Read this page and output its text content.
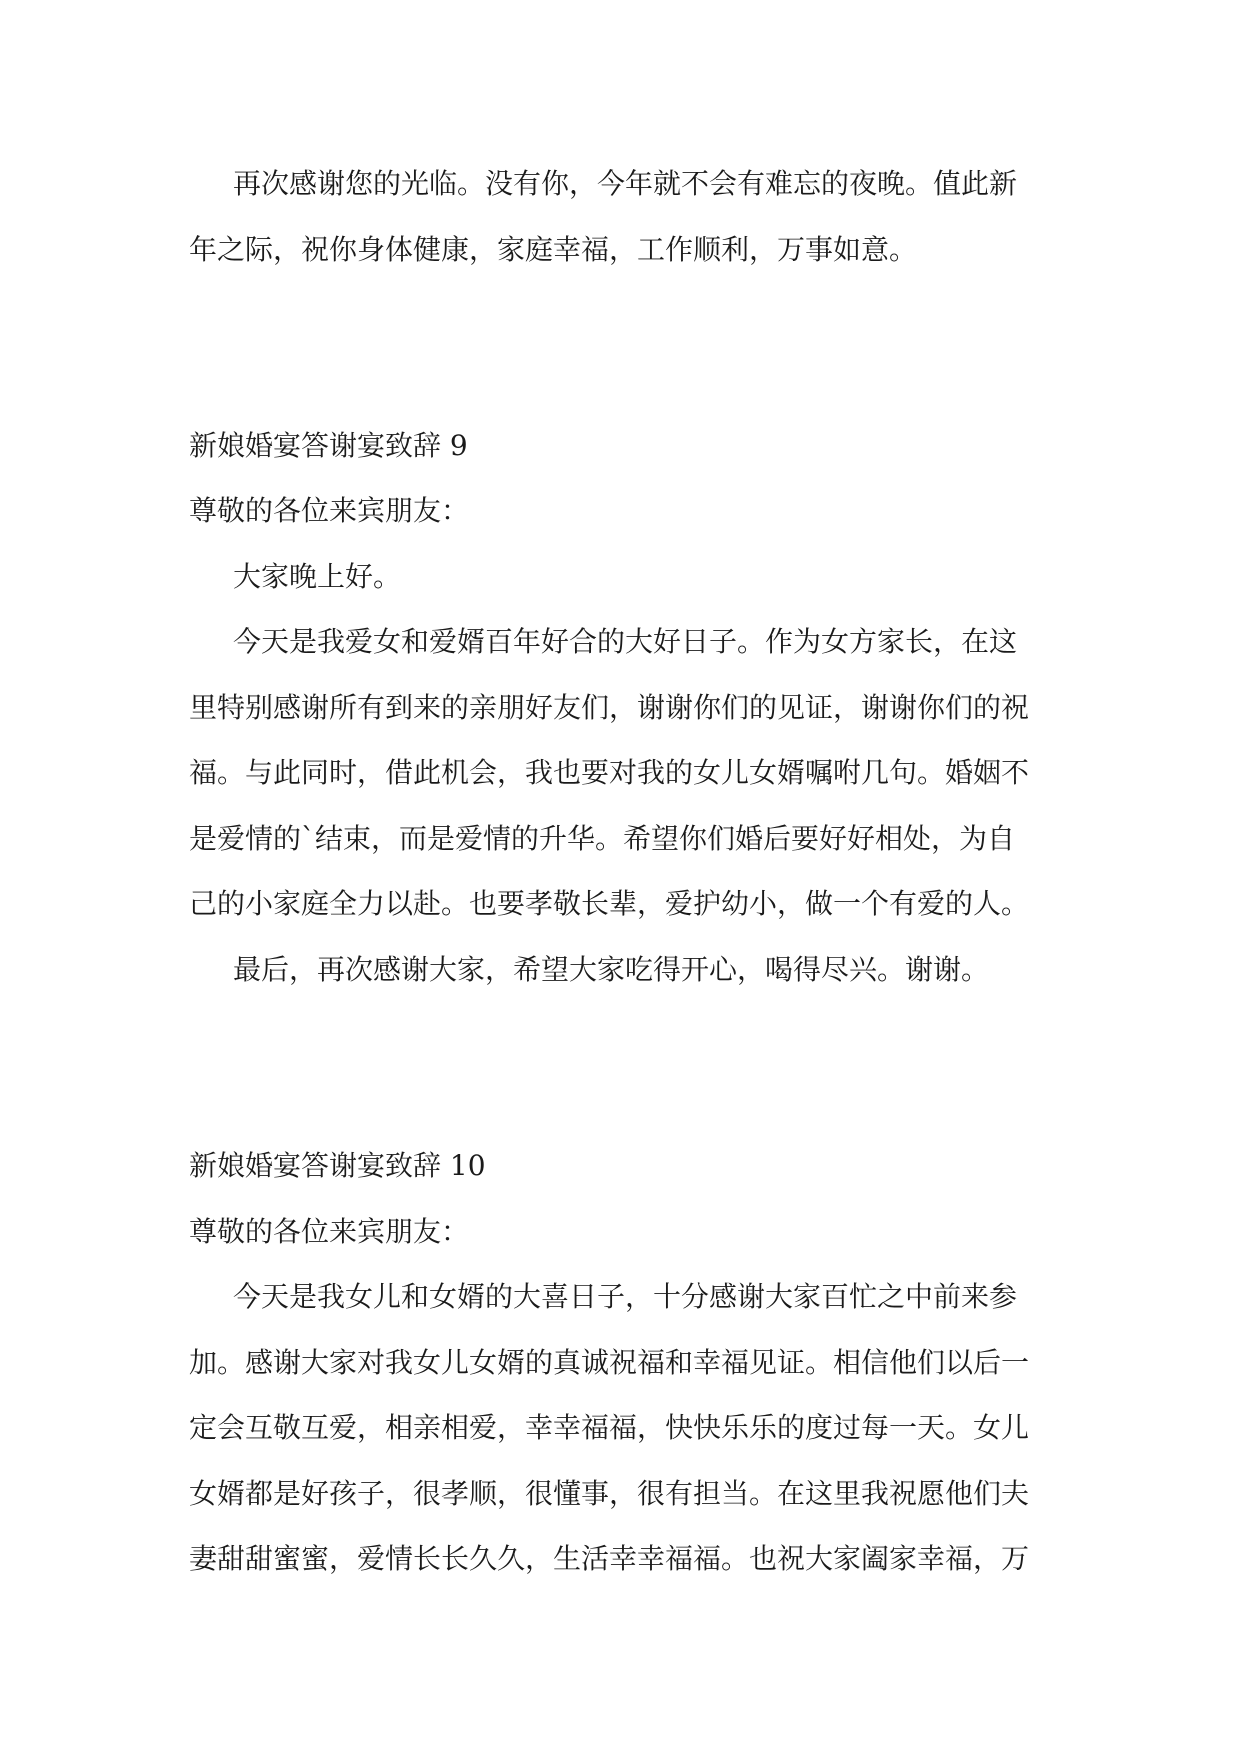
再次感谢您的光临。没有你，今年就不会有难忘的夜晚。值此新
年之际，祝你身体健康，家庭幸福，工作顺利，万事如意。
新娘婚宴答谢宴致辞 9
尊敬的各位来宾朋友：
大家晚上好。
今天是我爱女和爱婿百年好合的大好日子。作为女方家长，在这
里特别感谢所有到来的亲朋好友们，谢谢你们的见证，谢谢你们的祝
福。与此同时，借此机会，我也要对我的女儿女婿嘱咐几句。婚姻不
是爱情的`结束，而是爱情的升华。希望你们婚后要好好相处，为自
己的小家庭全力以赴。也要孝敬长辈，爱护幼小，做一个有爱的人。
最后，再次感谢大家，希望大家吃得开心，喝得尽兴。谢谢。
新娘婚宴答谢宴致辞 10
尊敬的各位来宾朋友：
今天是我女儿和女婿的大喜日子，十分感谢大家百忙之中前来参
加。感谢大家对我女儿女婿的真诚祝福和幸福见证。相信他们以后一
定会互敬互爱，相亲相爱，幸幸福福，快快乐乐的度过每一天。女儿
女婿都是好孩子，很孝顺，很懂事，很有担当。在这里我祝愿他们夫
妻甜甜蜜蜜，爱情长长久久，生活幸幸福福。也祝大家阖家幸福，万
